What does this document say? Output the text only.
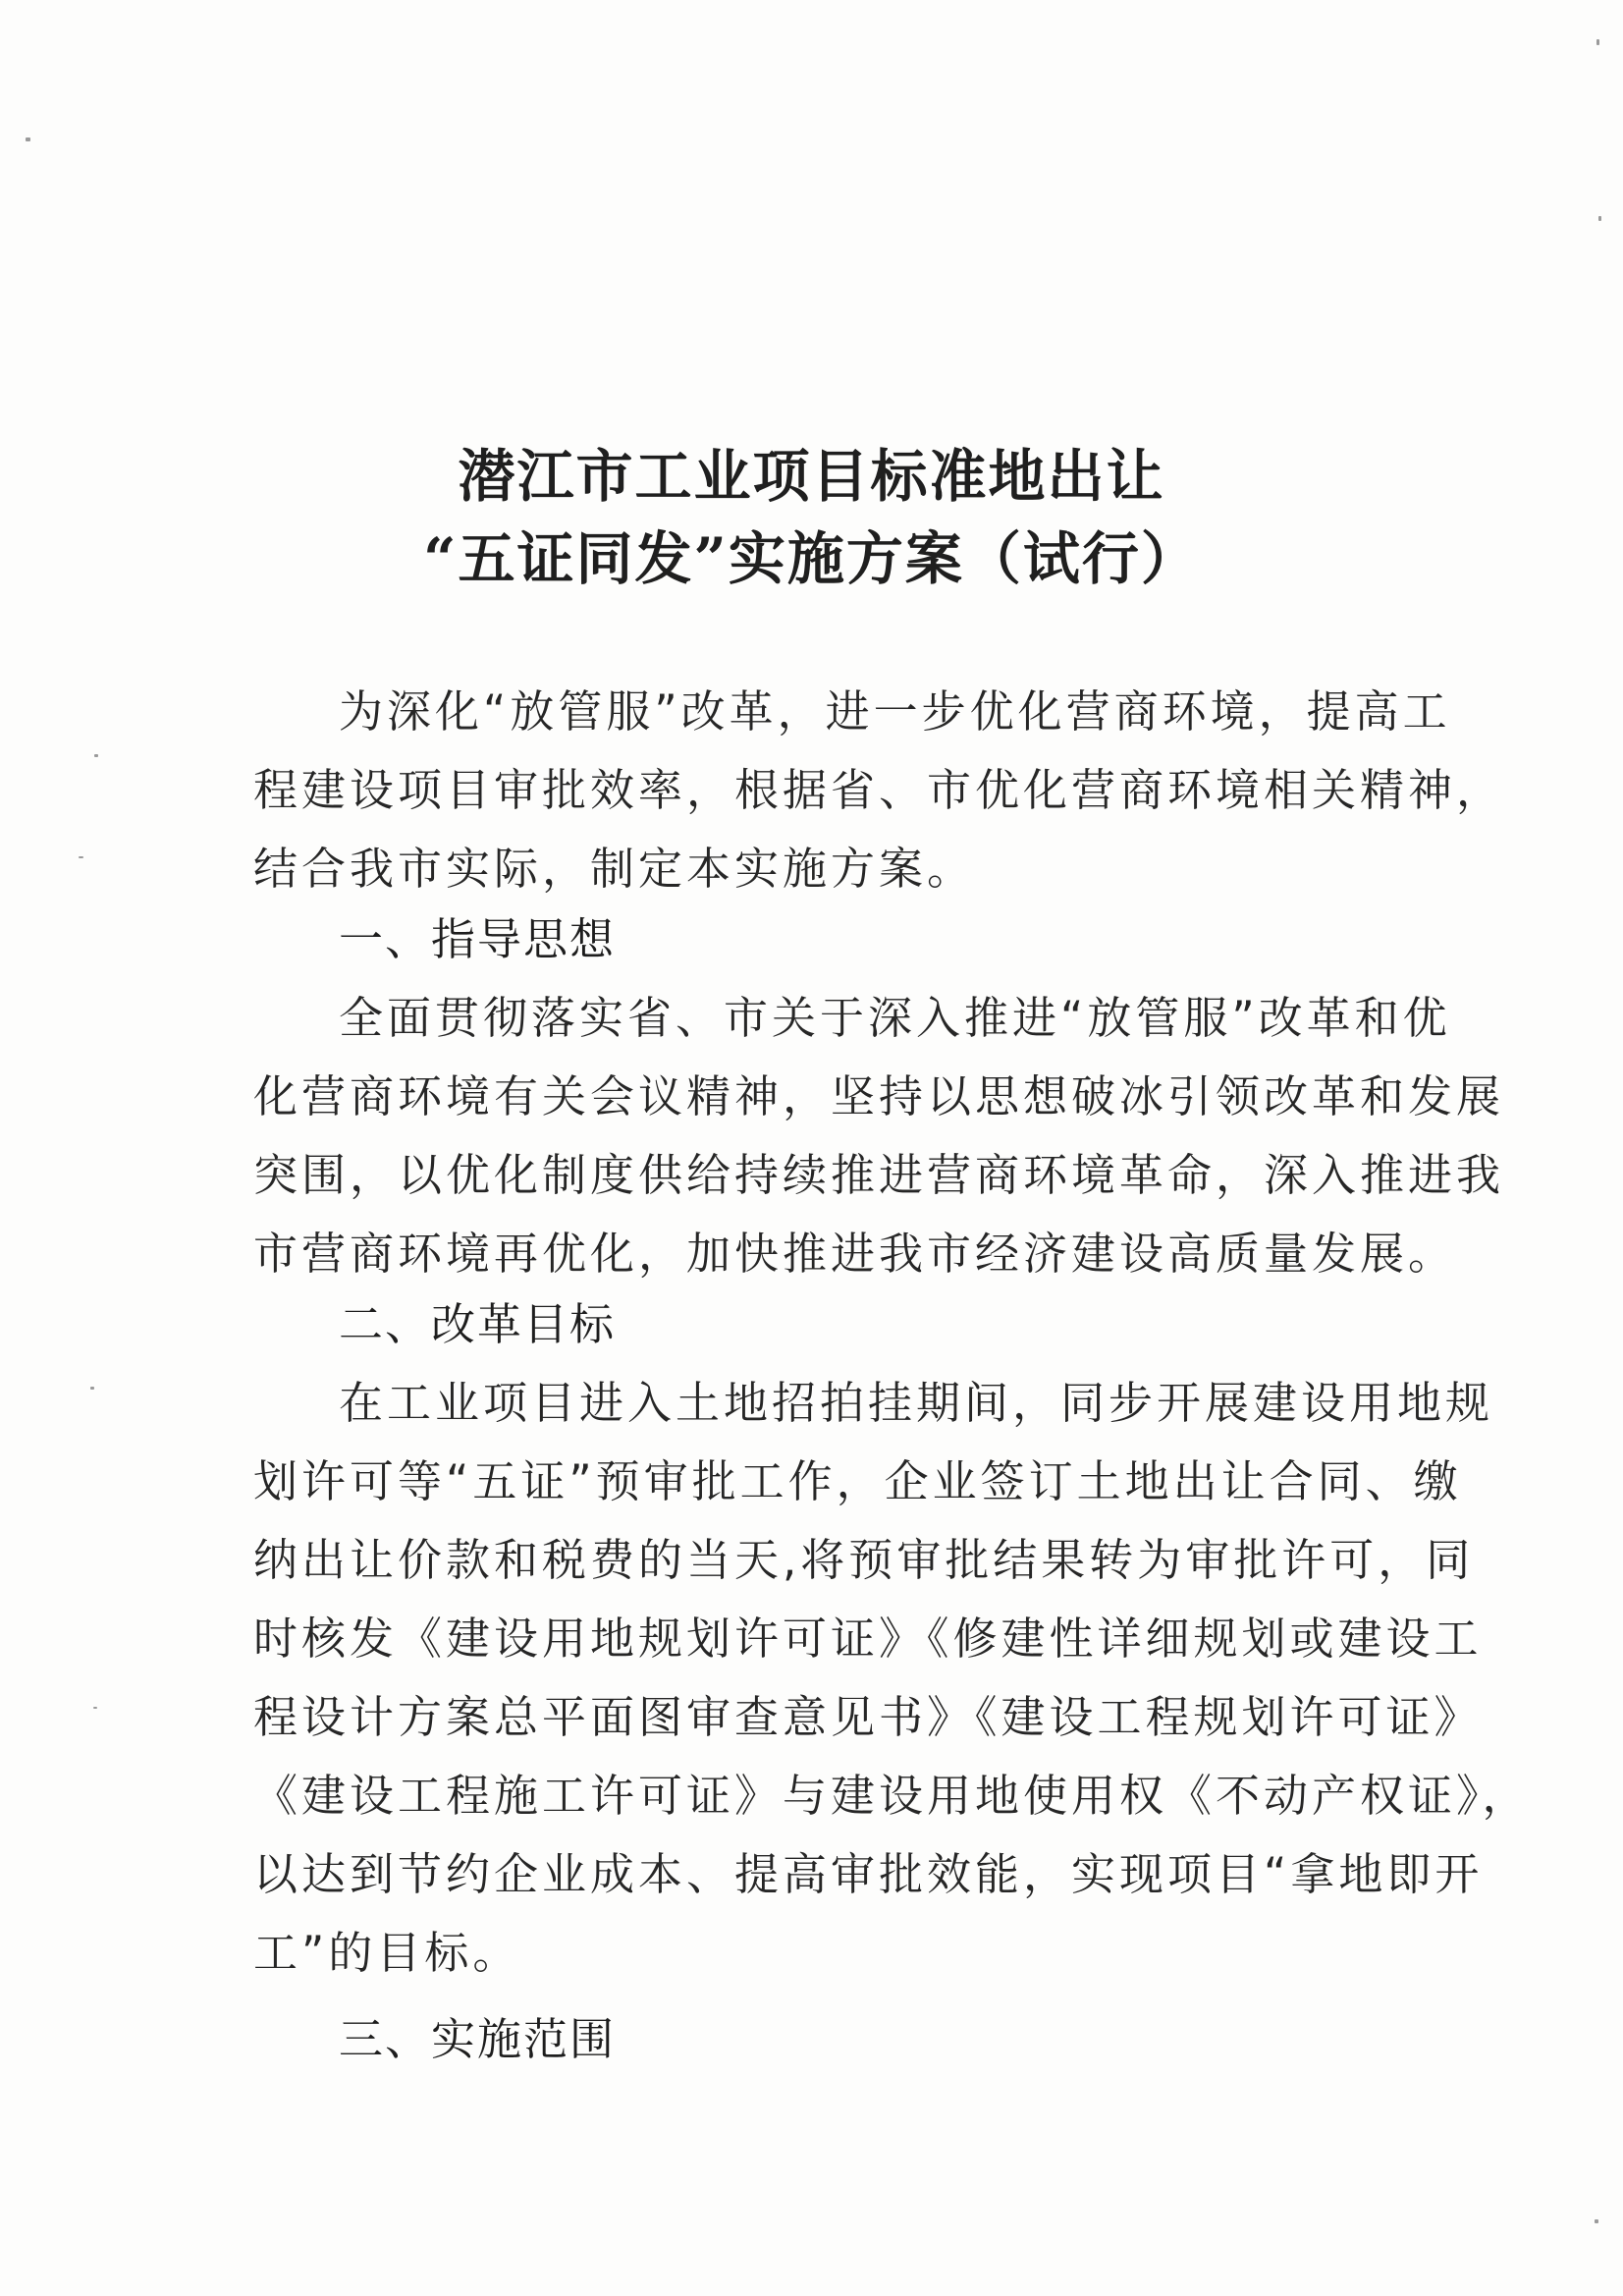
潜江市工业项目标准地出让
“五证同发”实施方案（试行）
为深化“放管服”改革，进一步优化营商环境，提高工
程建设项目审批效率，根据省、市优化营商环境相关精神，
结合我市实际，制定本实施方案。
一、指导思想
全面贯彻落实省、市关于深入推进“放管服”改革和优
化营商环境有关会议精神，坚持以思想破冰引领改革和发展
突围，以优化制度供给持续推进营商环境革命，深入推进我
市营商环境再优化，加快推进我市经济建设高质量发展。
二、改革目标
在工业项目进入土地招拍挂期间，同步开展建设用地规
划许可等“五证”预审批工作，企业签订土地出让合同、缴
纳出让价款和税费的当天,将预审批结果转为审批许可，同
时核发《建设用地规划许可证》《修建性详细规划或建设工
程设计方案总平面图审查意见书》《建设工程规划许可证》
《建设工程施工许可证》与建设用地使用权《不动产权证》，
以达到节约企业成本、提高审批效能，实现项目“拿地即开
工”的目标。
三、实施范围
